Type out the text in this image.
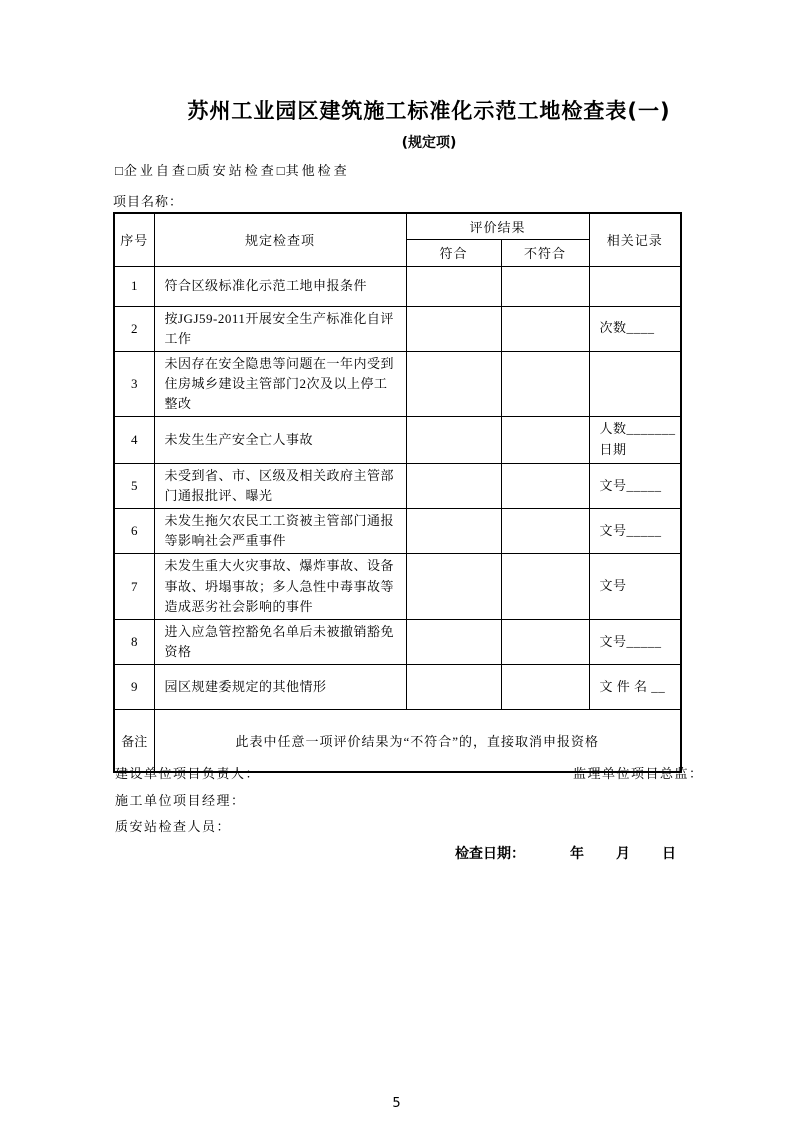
苏州工业园区建筑施工标准化示范工地检查表(一)
(规定项)
□企业自查□质安站检查□其他检查
项目名称：
序号	规定检查项	评价结果		相关记录
		符合	不符合	
1	符合区级标准化示范工地申报条件			

2	按JGJ59-2011开展安全生产标准化自评工作			次数____

3	未因存在安全隐患等问题在一年内受到住房城乡建设主管部门2次及以上停工整改			

4	未发生生产安全亡人事故			人数_______
日期

5	未受到省、市、区级及相关政府主管部门通报批评、曝光			文号_____

6	未发生拖欠农民工工资被主管部门通报等影响社会严重事件			文号_____

7	未发生重大火灾事故、爆炸事故、设备事故、坍塌事故；多人急性中毒事故等造成恶劣社会影响的事件			文号

8	进入应急管控豁免名单后未被撤销豁免资格			文号_____

9	园区规建委规定的其他情形			文 件 名 __

备注	此表中任意一项评价结果为“不符合”的，直接取消申报资格			
建设单位项目负责人：	监理单位项目总监：
施工单位项目经理：
质安站检查人员：
检查日期：	年 月 日
5
